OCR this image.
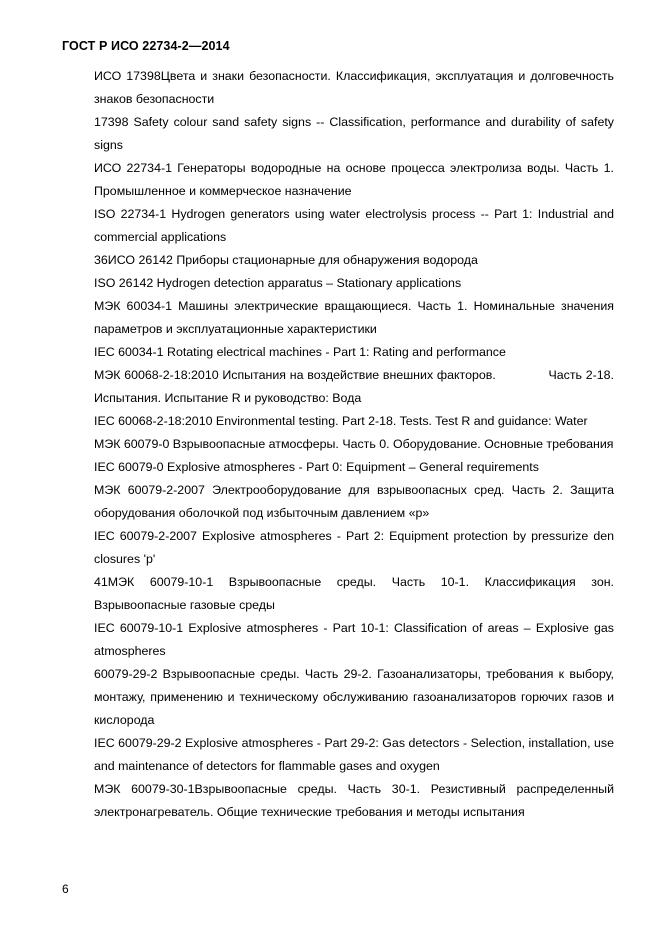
ГОСТ Р ИСО 22734-2—2014

ИСО 17398Цвета и знаки безопасности. Классификация, эксплуатация и долговечность знаков безопасности

17398 Safety colour sand safety signs -- Classification, performance and durability of safety signs

ИСО 22734-1 Генераторы водородные на основе процесса электролиза воды. Часть 1. Промышленное и коммерческое назначение

ISO 22734-1 Hydrogen generators using water electrolysis process -- Part 1: Industrial and commercial applications

36ИСО 26142 Приборы стационарные для обнаружения водорода

ISO 26142 Hydrogen detection apparatus – Stationary applications

МЭК 60034-1 Машины электрические вращающиеся. Часть 1. Номинальные значения параметров и эксплуатационные характеристики

IEC 60034-1 Rotating electrical machines - Part 1: Rating and performance

МЭК 60068-2-18:2010 Испытания на воздействие внешних факторов.              Часть 2-18. Испытания. Испытание R и руководство: Вода

IEC 60068-2-18:2010 Environmental testing. Part 2-18. Tests. Test R and guidance: Water

МЭК 60079-0 Взрывоопасные атмосферы. Часть 0. Оборудование. Основные требования

IEC 60079-0 Explosive atmospheres - Part 0: Equipment – General requirements

МЭК 60079-2-2007 Электрооборудование для взрывоопасных сред. Часть 2. Защита оборудования оболочкой под избыточным давлением «р»

IEC 60079-2-2007 Explosive atmospheres - Part 2: Equipment protection by pressurize den closures 'p'

41МЭК 60079-10-1 Взрывоопасные среды. Часть 10-1. Классификация зон. Взрывоопасные газовые среды

IEC 60079-10-1 Explosive atmospheres - Part 10-1: Classification of areas – Explosive gas atmospheres

60079-29-2 Взрывоопасные среды. Часть 29-2. Газоанализаторы, требования к выбору, монтажу, применению и техническому обслуживанию газоанализаторов горючих газов и кислорода

IEC 60079-29-2 Explosive atmospheres - Part 29-2: Gas detectors - Selection, installation, use and maintenance of detectors for flammable gases and oxygen

МЭК 60079-30-1Взрывоопасные среды. Часть 30-1. Резистивный распределенный электронагреватель. Общие технические требования и методы испытания

6
